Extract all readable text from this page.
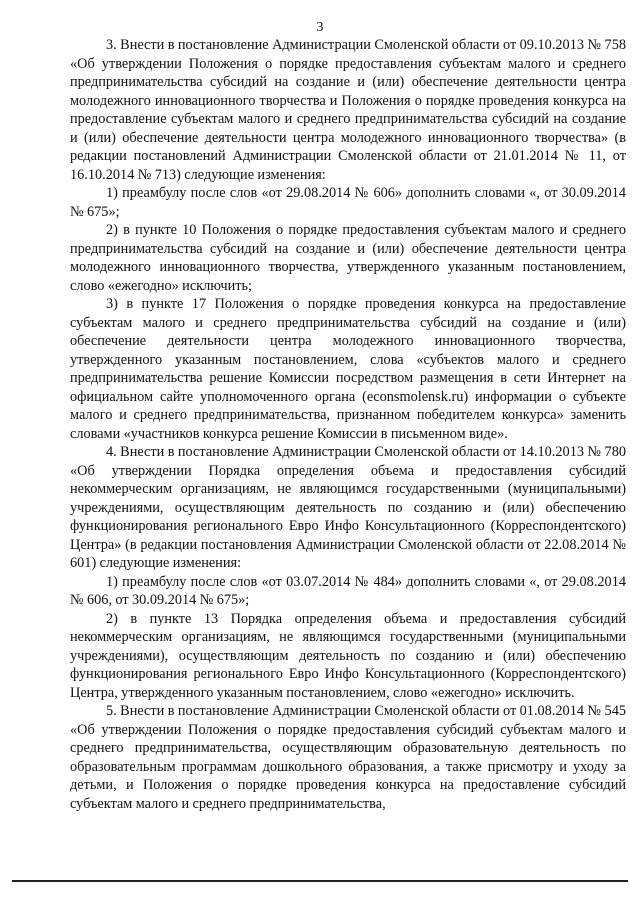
3

3. Внести в постановление Администрации Смоленской области от 09.10.2013 № 758 «Об утверждении Положения о порядке предоставления субъектам малого и среднего предпринимательства субсидий на создание и (или) обеспечение деятельности центра молодежного инновационного творчества и Положения о порядке проведения конкурса на предоставление субъектам малого и среднего предпринимательства субсидий на создание и (или) обеспечение деятельности центра молодежного инновационного творчества» (в редакции постановлений Администрации Смоленской области от 21.01.2014 № 11, от 16.10.2014 № 713) следующие изменения:

1) преамбулу после слов «от 29.08.2014 № 606» дополнить словами «, от 30.09.2014 № 675»;

2) в пункте 10 Положения о порядке предоставления субъектам малого и среднего предпринимательства субсидий на создание и (или) обеспечение деятельности центра молодежного инновационного творчества, утвержденного указанным постановлением, слово «ежегодно» исключить;

3) в пункте 17 Положения о порядке проведения конкурса на предоставление субъектам малого и среднего предпринимательства субсидий на создание и (или) обеспечение деятельности центра молодежного инновационного творчества, утвержденного указанным постановлением, слова «субъектов малого и среднего предпринимательства решение Комиссии посредством размещения в сети Интернет на официальном сайте уполномоченного органа (econsmolensk.ru) информации о субъекте малого и среднего предпринимательства, признанном победителем конкурса» заменить словами «участников конкурса решение Комиссии в письменном виде».

4. Внести в постановление Администрации Смоленской области от 14.10.2013 № 780 «Об утверждении Порядка определения объема и предоставления субсидий некоммерческим организациям, не являющимся государственными (муниципальными) учреждениями, осуществляющим деятельность по созданию и (или) обеспечению функционирования регионального Евро Инфо Консультационного (Корреспондентского) Центра» (в редакции постановления Администрации Смоленской области от 22.08.2014 № 601) следующие изменения:

1) преамбулу после слов «от 03.07.2014 № 484» дополнить словами «, от 29.08.2014 № 606, от 30.09.2014 № 675»;

2) в пункте 13 Порядка определения объема и предоставления субсидий некоммерческим организациям, не являющимся государственными (муниципальными учреждениями), осуществляющим деятельность по созданию и (или) обеспечению функционирования регионального Евро Инфо Консультационного (Корреспондентского) Центра, утвержденного указанным постановлением, слово «ежегодно» исключить.

5. Внести в постановление Администрации Смоленской области от 01.08.2014 № 545 «Об утверждении Положения о порядке предоставления субсидий субъектам малого и среднего предпринимательства, осуществляющим образовательную деятельность по образовательным программам дошкольного образования, а также присмотру и уходу за детьми, и Положения о порядке проведения конкурса на предоставление субсидий субъектам малого и среднего предпринимательства,
